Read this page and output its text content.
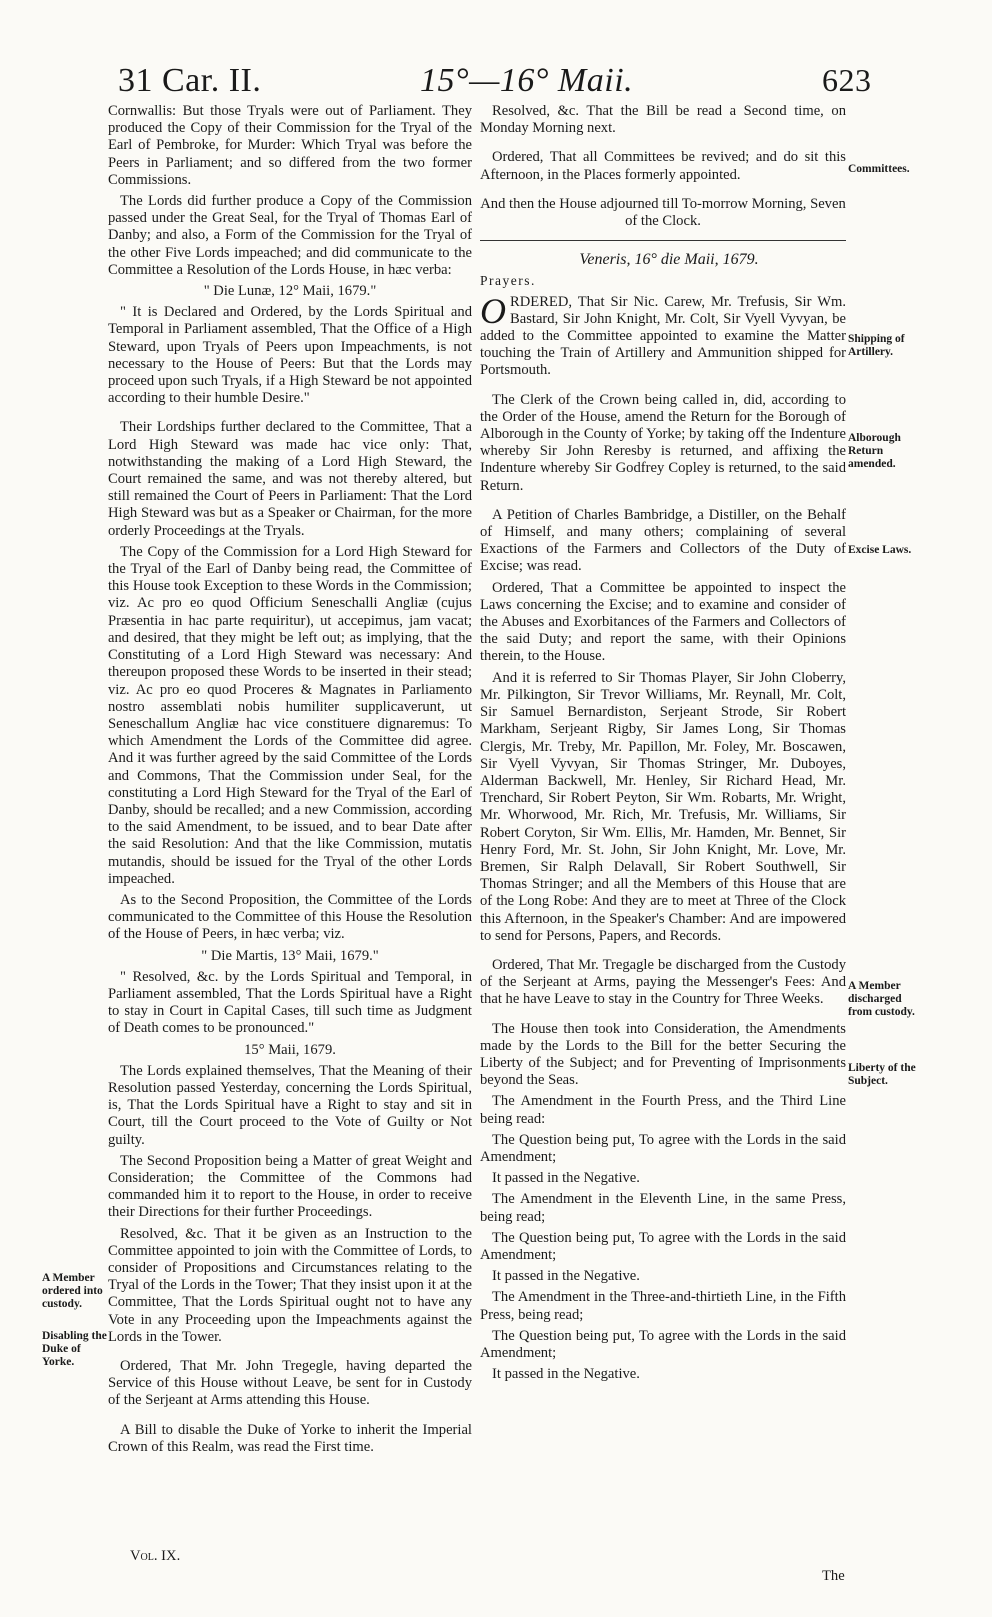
31 Car. II.	15°—16° Maii.	623

Cornwallis: But those Tryals were out of Parliament. They produced the Copy of their Commission for the Tryal of the Earl of Pembroke, for Murder: Which Tryal was before the Peers in Parliament; and so differed from the two former Commissions.

The Lords did further produce a Copy of the Commission passed under the Great Seal, for the Tryal of Thomas Earl of Danby; and also, a Form of the Commission for the Tryal of the other Five Lords impeached; and did communicate to the Committee a Resolution of the Lords House, in hæc verba:

" Die Lunæ, 12° Maii, 1679."

" It is Declared and Ordered, by the Lords Spiritual and Temporal in Parliament assembled, That the Office of a High Steward, upon Tryals of Peers upon Impeachments, is not necessary to the House of Peers: But that the Lords may proceed upon such Tryals, if a High Steward be not appointed according to their humble Desire."

Their Lordships further declared to the Committee, That a Lord High Steward was made hac vice only: That, notwithstanding the making of a Lord High Steward, the Court remained the same, and was not thereby altered, but still remained the Court of Peers in Parliament: That the Lord High Steward was but as a Speaker or Chairman, for the more orderly Proceedings at the Tryals.

The Copy of the Commission for a Lord High Steward for the Tryal of the Earl of Danby being read, the Committee of this House took Exception to these Words in the Commission; viz. Ac pro eo quod Officium Seneschalli Angliæ (cujus Præsentia in hac parte requiritur), ut accepimus, jam vacat; and desired, that they might be left out; as implying, that the Constituting of a Lord High Steward was necessary: And thereupon proposed these Words to be inserted in their stead; viz. Ac pro eo quod Proceres & Magnates in Parliamento nostro assemblati nobis humiliter supplicaverunt, ut Seneschallum Angliæ hac vice constituere dignaremus: To which Amendment the Lords of the Committee did agree. And it was further agreed by the said Committee of the Lords and Commons, That the Commission under Seal, for the constituting a Lord High Steward for the Tryal of the Earl of Danby, should be recalled; and a new Commission, according to the said Amendment, to be issued, and to bear Date after the said Resolution: And that the like Commission, mutatis mutandis, should be issued for the Tryal of the other Lords impeached.

As to the Second Proposition, the Committee of the Lords communicated to the Committee of this House the Resolution of the House of Peers, in hæc verba; viz.

" Die Martis, 13° Maii, 1679."

" Resolved, &c. by the Lords Spiritual and Temporal, in Parliament assembled, That the Lords Spiritual have a Right to stay in Court in Capital Cases, till such time as Judgment of Death comes to be pronounced."

15° Maii, 1679.

The Lords explained themselves, That the Meaning of their Resolution passed Yesterday, concerning the Lords Spiritual, is, That the Lords Spiritual have a Right to stay and sit in Court, till the Court proceed to the Vote of Guilty or Not guilty.

The Second Proposition being a Matter of great Weight and Consideration; the Committee of the Commons had commanded him it to report to the House, in order to receive their Directions for their further Proceedings.

Resolved, &c. That it be given as an Instruction to the Committee appointed to join with the Committee of Lords, to consider of Propositions and Circumstances relating to the Tryal of the Lords in the Tower; That they insist upon it at the Committee, That the Lords Spiritual ought not to have any Vote in any Proceeding upon the Impeachments against the Lords in the Tower.

Ordered, That Mr. John Tregegle, having departed the Service of this House without Leave, be sent for in Custody of the Serjeant at Arms attending this House.

A Bill to disable the Duke of Yorke to inherit the Imperial Crown of this Realm, was read the First time.

A Member ordered into custody.
Disabling the Duke of Yorke.

Resolved, &c. That the Bill be read a Second time, on Monday Morning next.

Ordered, That all Committees be revived; and do sit this Afternoon, in the Places formerly appointed.

And then the House adjourned till To-morrow Morning, Seven of the Clock.

Veneris, 16° die Maii, 1679.

Prayers.

ORDERED, That Sir Nic. Carew, Mr. Trefusis, Sir Wm. Bastard, Sir John Knight, Mr. Colt, Sir Vyell Vyvyan, be added to the Committee appointed to examine the Matter touching the Train of Artillery and Ammunition shipped for Portsmouth.

The Clerk of the Crown being called in, did, according to the Order of the House, amend the Return for the Borough of Alborough in the County of Yorke; by taking off the Indenture whereby Sir John Reresby is returned, and affixing the Indenture whereby Sir Godfrey Copley is returned, to the said Return.

A Petition of Charles Bambridge, a Distiller, on the Behalf of Himself, and many others; complaining of several Exactions of the Farmers and Collectors of the Duty of Excise; was read.

Ordered, That a Committee be appointed to inspect the Laws concerning the Excise; and to examine and consider of the Abuses and Exorbitances of the Farmers and Collectors of the said Duty; and report the same, with their Opinions therein, to the House.

And it is referred to Sir Thomas Player, Sir John Cloberry, Mr. Pilkington, Sir Trevor Williams, Mr. Reynall, Mr. Colt, Sir Samuel Bernardiston, Serjeant Strode, Sir Robert Markham, Serjeant Rigby, Sir James Long, Sir Thomas Clergis, Mr. Treby, Mr. Papillon, Mr. Foley, Mr. Boscawen, Sir Vyell Vyvyan, Sir Thomas Stringer, Mr. Duboyes, Alderman Backwell, Mr. Henley, Sir Richard Head, Mr. Trenchard, Sir Robert Peyton, Sir Wm. Robarts, Mr. Wright, Mr. Whorwood, Mr. Rich, Mr. Trefusis, Mr. Williams, Sir Robert Coryton, Sir Wm. Ellis, Mr. Hamden, Mr. Bennet, Sir Henry Ford, Mr. St. John, Sir John Knight, Mr. Love, Mr. Bremen, Sir Ralph Delavall, Sir Robert Southwell, Sir Thomas Stringer; and all the Members of this House that are of the Long Robe: And they are to meet at Three of the Clock this Afternoon, in the Speaker's Chamber: And are impowered to send for Persons, Papers, and Records.

Ordered, That Mr. Tregagle be discharged from the Custody of the Serjeant at Arms, paying the Messenger's Fees: And that he have Leave to stay in the Country for Three Weeks.

The House then took into Consideration, the Amendments made by the Lords to the Bill for the better Securing the Liberty of the Subject; and for Preventing of Imprisonments beyond the Seas.

The Amendment in the Fourth Press, and the Third Line being read:

The Question being put, To agree with the Lords in the said Amendment;

It passed in the Negative.

The Amendment in the Eleventh Line, in the same Press, being read;

The Question being put, To agree with the Lords in the said Amendment;

It passed in the Negative.

The Amendment in the Three-and-thirtieth Line, in the Fifth Press, being read;

The Question being put, To agree with the Lords in the said Amendment;

It passed in the Negative.

Committees.
Shipping of Artillery.
Alborough Return amended.
Excise Laws.
A Member discharged from custody.
Liberty of the Subject.
Vol. IX.
The
